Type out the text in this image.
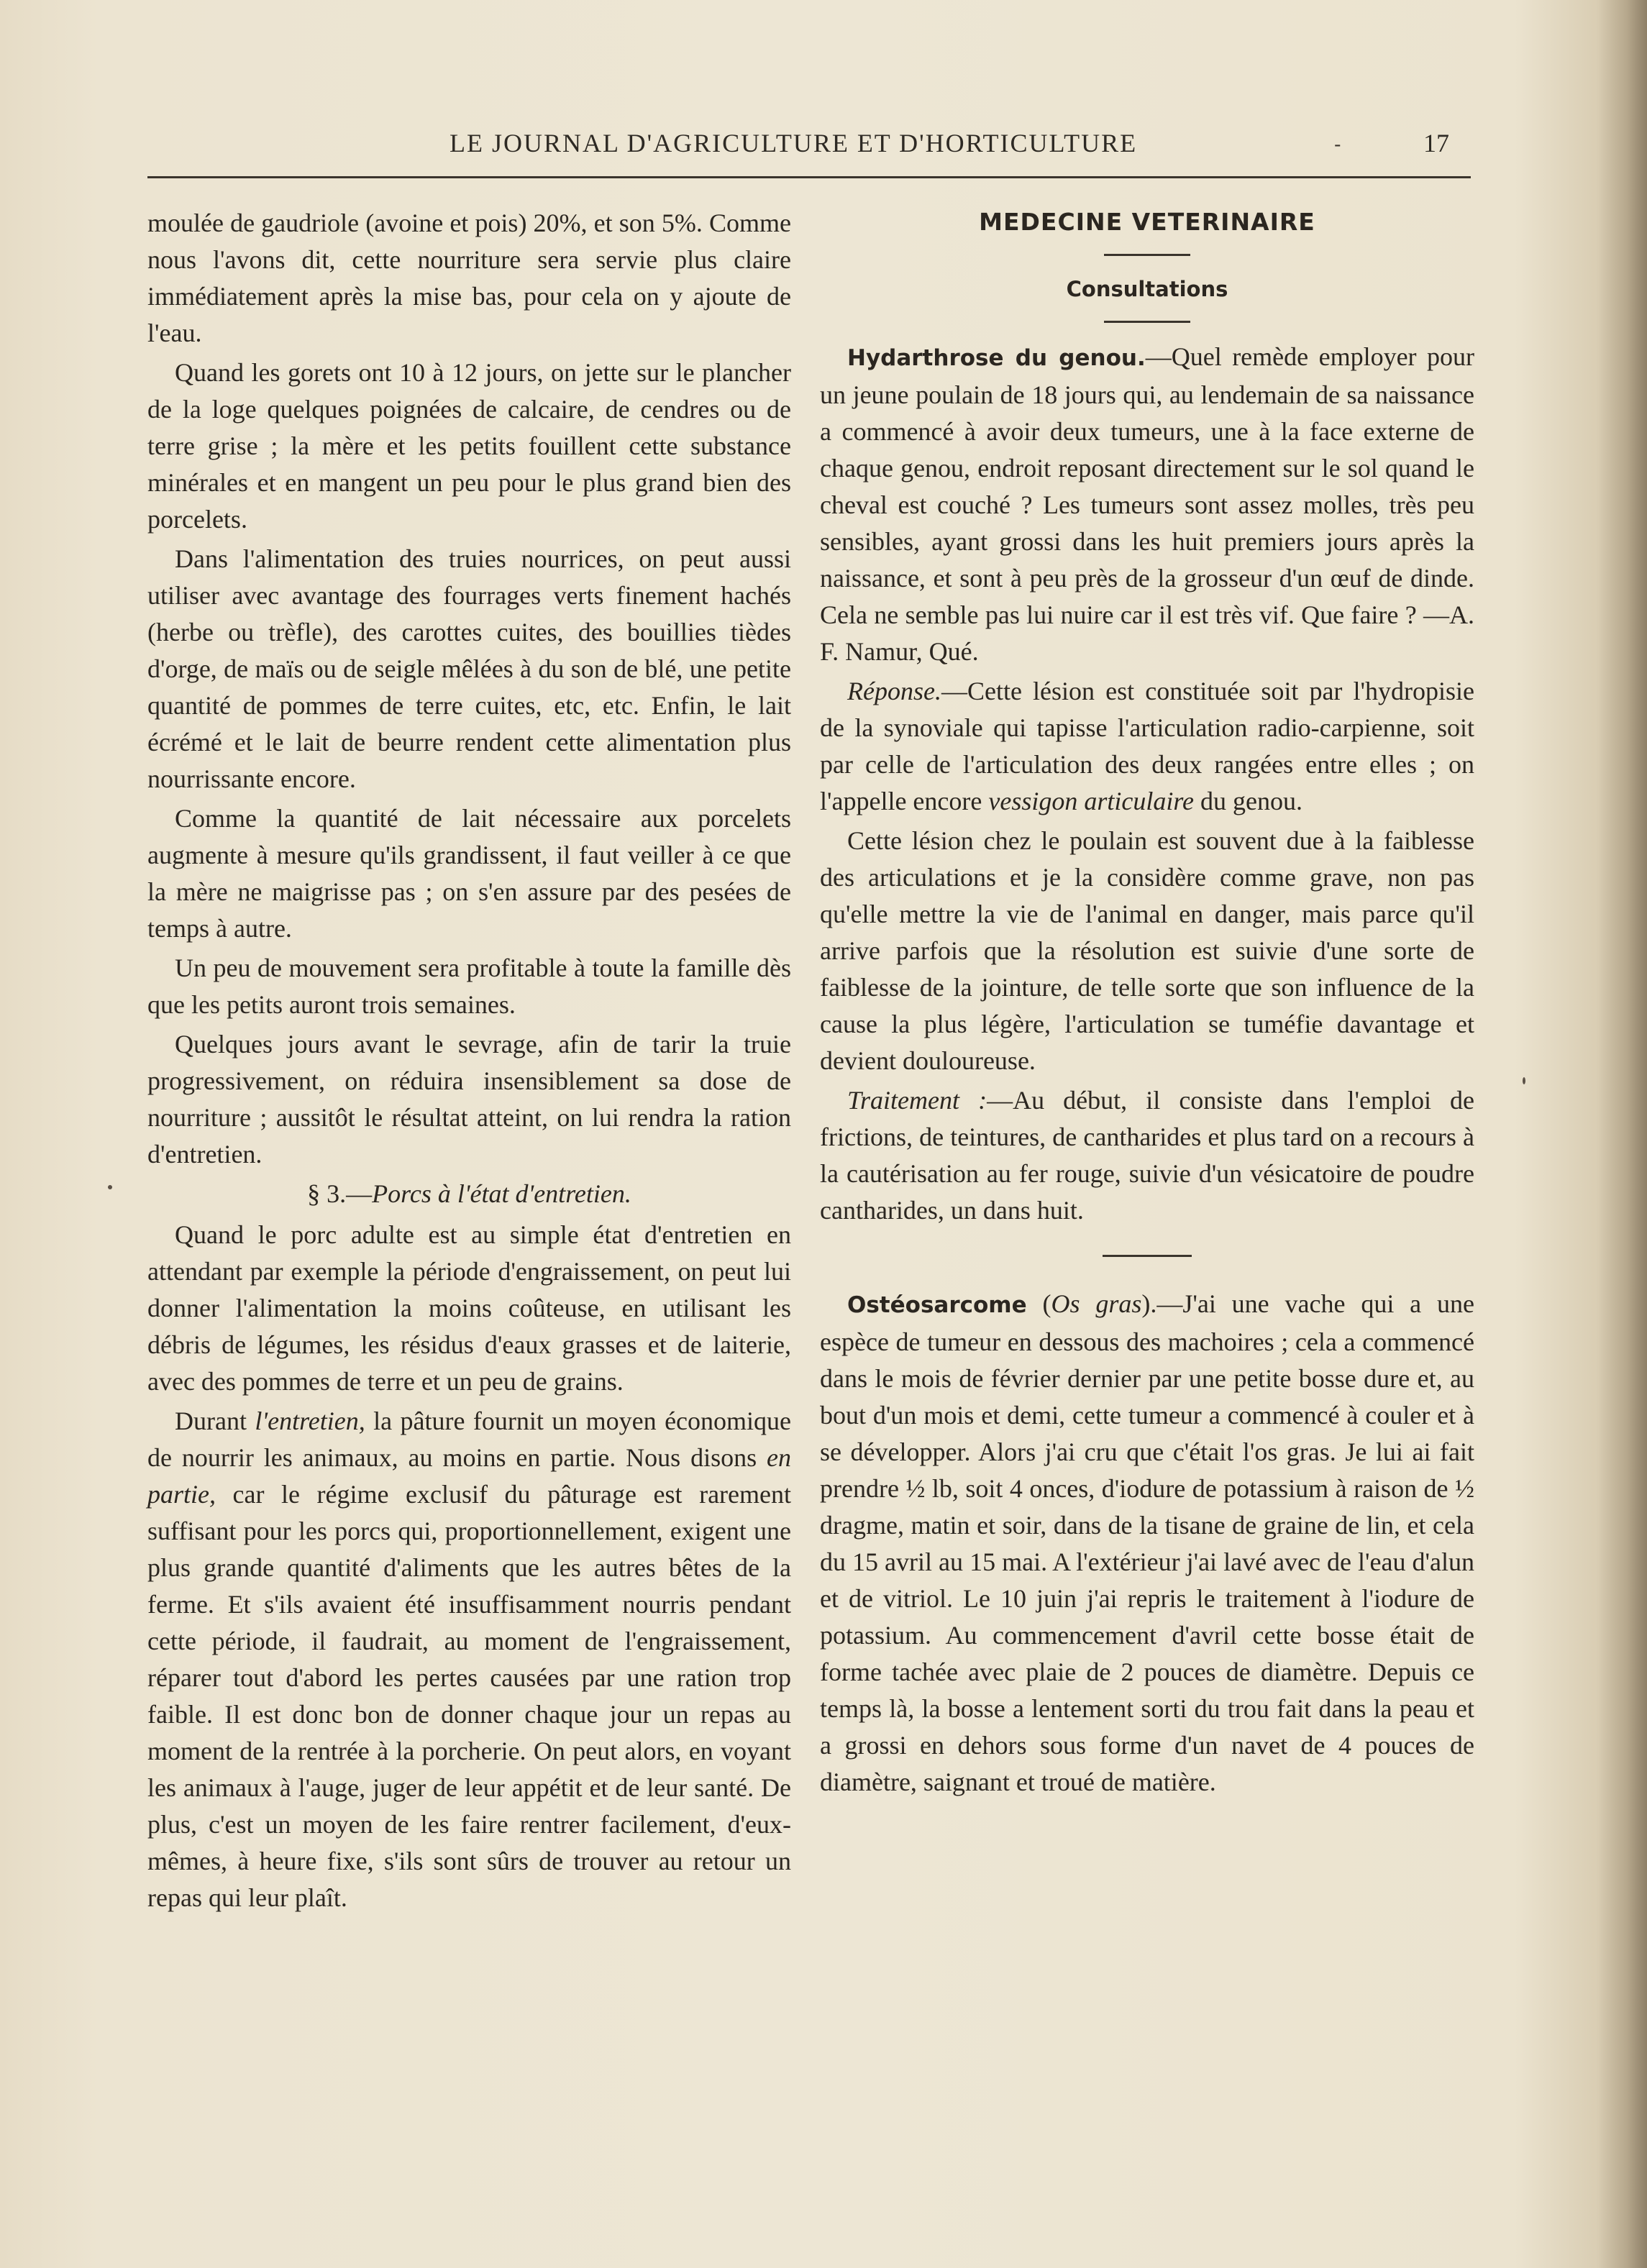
LE JOURNAL D'AGRICULTURE ET D'HORTICULTURE	-	17

moulée de gaudriole (avoine et pois) 20%, et son 5%. Comme nous l'avons dit, cette nourriture sera servie plus claire immédiatement après la mise bas, pour cela on y ajoute de l'eau.

Quand les gorets ont 10 à 12 jours, on jette sur le plancher de la loge quelques poignées de calcaire, de cendres ou de terre grise ; la mère et les petits fouillent cette substance minérales et en mangent un peu pour le plus grand bien des porcelets.

Dans l'alimentation des truies nourrices, on peut aussi utiliser avec avantage des fourrages verts finement hachés (herbe ou trèfle), des carottes cuites, des bouillies tièdes d'orge, de maïs ou de seigle mêlées à du son de blé, une petite quantité de pommes de terre cuites, etc, etc. Enfin, le lait écrémé et le lait de beurre rendent cette alimentation plus nourrissante encore.

Comme la quantité de lait nécessaire aux porcelets augmente à mesure qu'ils grandissent, il faut veiller à ce que la mère ne maigrisse pas ; on s'en assure par des pesées de temps à autre.

Un peu de mouvement sera profitable à toute la famille dès que les petits auront trois semaines.

Quelques jours avant le sevrage, afin de tarir la truie progressivement, on réduira insensiblement sa dose de nourriture ; aussitôt le résultat atteint, on lui rendra la ration d'entretien.

§ 3.—Porcs à l'état d'entretien.

Quand le porc adulte est au simple état d'entretien en attendant par exemple la période d'engraissement, on peut lui donner l'alimentation la moins coûteuse, en utilisant les débris de légumes, les résidus d'eaux grasses et de laiterie, avec des pommes de terre et un peu de grains.

Durant l'entretien, la pâture fournit un moyen économique de nourrir les animaux, au moins en partie. Nous disons en partie, car le régime exclusif du pâturage est rarement suffisant pour les porcs qui, proportionnellement, exigent une plus grande quantité d'aliments que les autres bêtes de la ferme. Et s'ils avaient été insuffisamment nourris pendant cette période, il faudrait, au moment de l'engraissement, réparer tout d'abord les pertes causées par une ration trop faible. Il est donc bon de donner chaque jour un repas au moment de la rentrée à la porcherie. On peut alors, en voyant les animaux à l'auge, juger de leur appétit et de leur santé. De plus, c'est un moyen de les faire rentrer facilement, d'eux-mêmes, à heure fixe, s'ils sont sûrs de trouver au retour un repas qui leur plaît.

MEDECINE VETERINAIRE
Consultations

Hydarthrose du genou.—Quel remède employer pour un jeune poulain de 18 jours qui, au lendemain de sa naissance a commencé à avoir deux tumeurs, une à la face externe de chaque genou, endroit reposant directement sur le sol quand le cheval est couché ? Les tumeurs sont assez molles, très peu sensibles, ayant grossi dans les huit premiers jours après la naissance, et sont à peu près de la grosseur d'un œuf de dinde. Cela ne semble pas lui nuire car il est très vif. Que faire ? —A. F. Namur, Qué.

Réponse.—Cette lésion est constituée soit par l'hydropisie de la synoviale qui tapisse l'articulation radio-carpienne, soit par celle de l'articulation des deux rangées entre elles ; on l'appelle encore vessigon articulaire du genou.

Cette lésion chez le poulain est souvent due à la faiblesse des articulations et je la considère comme grave, non pas qu'elle mettre la vie de l'animal en danger, mais parce qu'il arrive parfois que la résolution est suivie d'une sorte de faiblesse de la jointure, de telle sorte que son influence de la cause la plus légère, l'articulation se tuméfie davantage et devient douloureuse.

Traitement :—Au début, il consiste dans l'emploi de frictions, de teintures, de cantharides et plus tard on a recours à la cautérisation au fer rouge, suivie d'un vésicatoire de poudre cantharides, un dans huit.

Ostéosarcome (Os gras).—J'ai une vache qui a une espèce de tumeur en dessous des machoires ; cela a commencé dans le mois de février dernier par une petite bosse dure et, au bout d'un mois et demi, cette tumeur a commencé à couler et à se développer. Alors j'ai cru que c'était l'os gras. Je lui ai fait prendre ½ lb, soit 4 onces, d'iodure de potassium à raison de ½ dragme, matin et soir, dans de la tisane de graine de lin, et cela du 15 avril au 15 mai. A l'extérieur j'ai lavé avec de l'eau d'alun et de vitriol. Le 10 juin j'ai repris le traitement à l'iodure de potassium. Au commencement d'avril cette bosse était de forme tachée avec plaie de 2 pouces de diamètre. Depuis ce temps là, la bosse a lentement sorti du trou fait dans la peau et a grossi en dehors sous forme d'un navet de 4 pouces de diamètre, saignant et troué de matière.
